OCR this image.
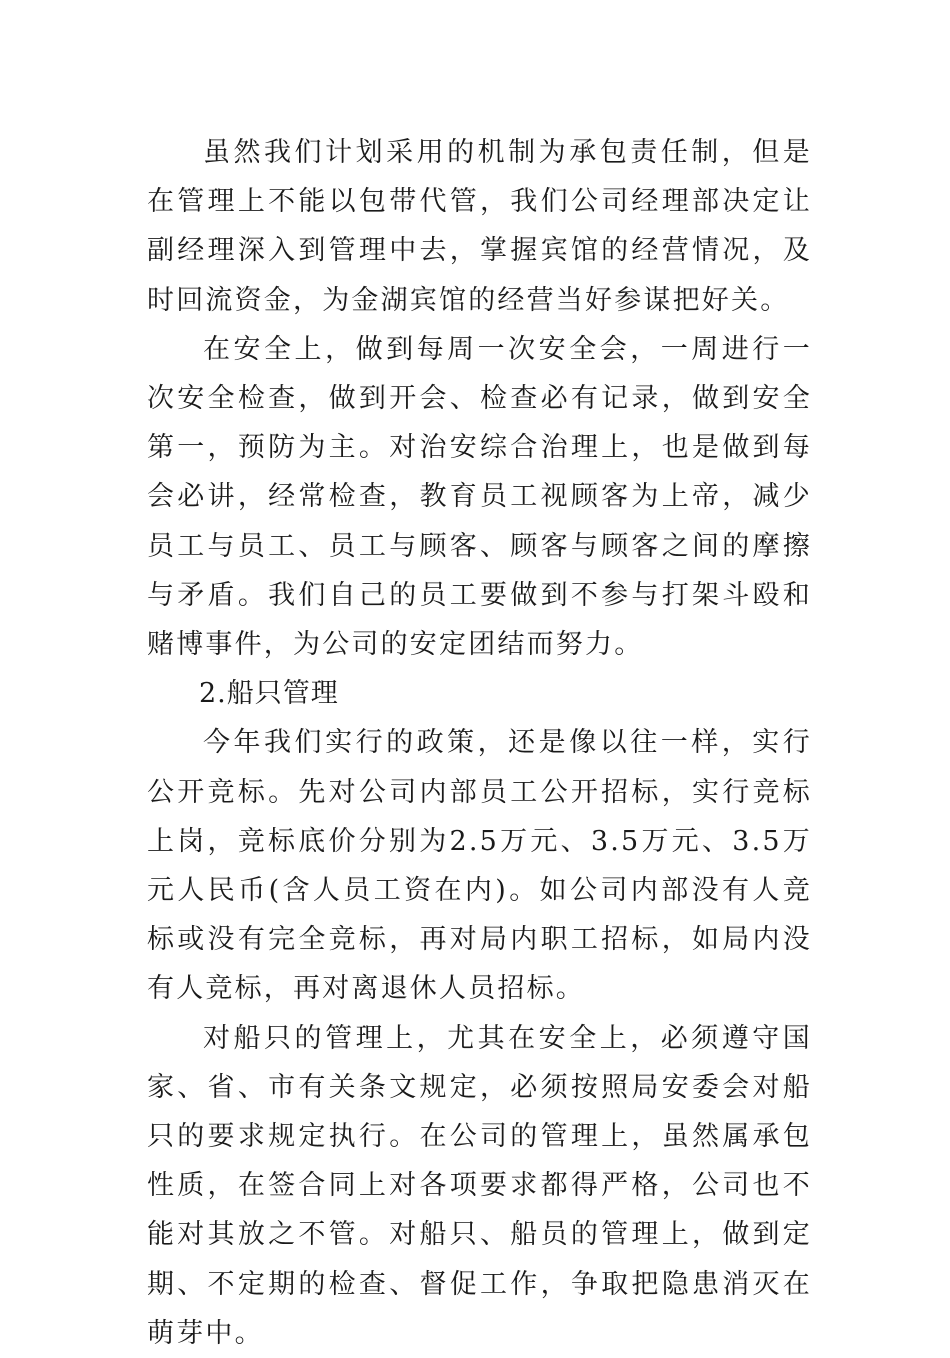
虽然我们计划采用的机制为承包责任制，但是在管理上不能以包带代管，我们公司经理部决定让副经理深入到管理中去，掌握宾馆的经营情况，及时回流资金，为金湖宾馆的经营当好参谋把好关。

在安全上，做到每周一次安全会，一周进行一次安全检查，做到开会、检查必有记录，做到安全第一，预防为主。对治安综合治理上，也是做到每会必讲，经常检查，教育员工视顾客为上帝，减少员工与员工、员工与顾客、顾客与顾客之间的摩擦与矛盾。我们自己的员工要做到不参与打架斗殴和赌博事件，为公司的安定团结而努力。

2.船只管理

今年我们实行的政策，还是像以往一样，实行公开竞标。先对公司内部员工公开招标，实行竞标上岗，竞标底价分别为2.5万元、3.5万元、3.5万元人民币(含人员工资在内)。如公司内部没有人竞标或没有完全竞标，再对局内职工招标，如局内没有人竞标，再对离退休人员招标。

对船只的管理上，尤其在安全上，必须遵守国家、省、市有关条文规定，必须按照局安委会对船只的要求规定执行。在公司的管理上，虽然属承包性质，在签合同上对各项要求都得严格，公司也不能对其放之不管。对船只、船员的管理上，做到定期、不定期的检查、督促工作，争取把隐患消灭在萌芽中。
